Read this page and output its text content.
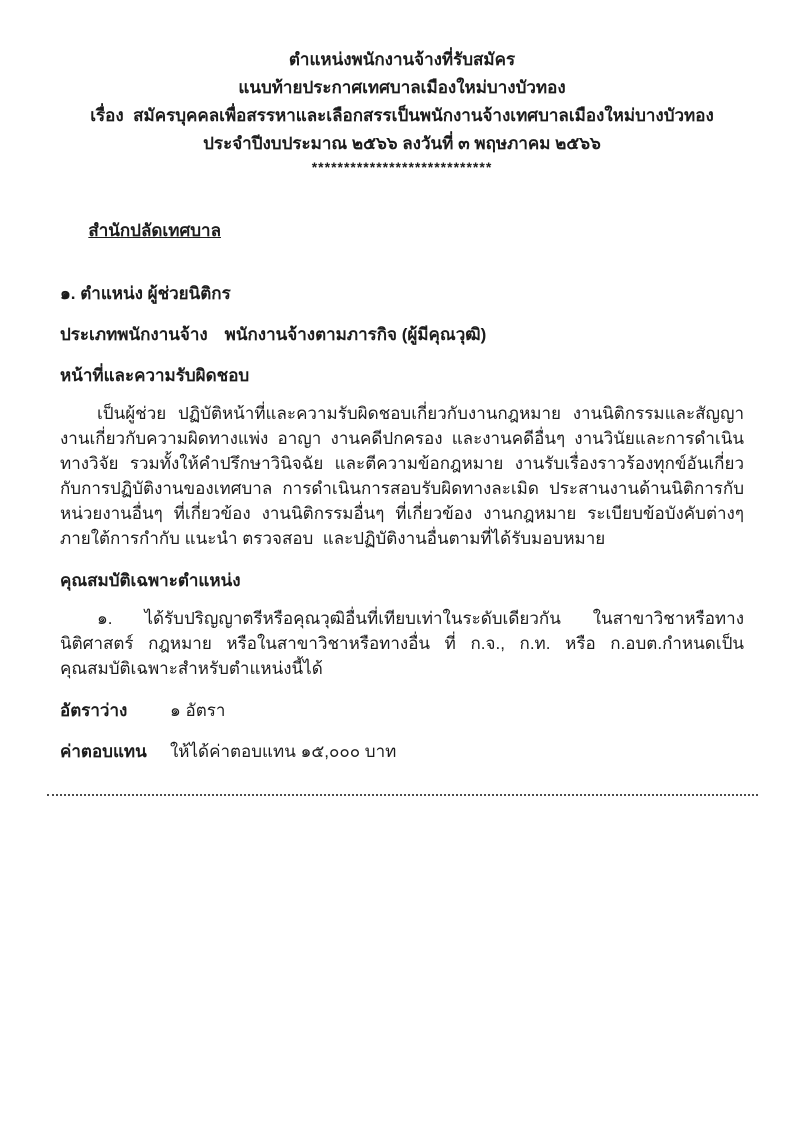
ตำแหน่งพนักงานจ้างที่รับสมัคร
แนบท้ายประกาศเทศบาลเมืองใหม่บางบัวทอง
เรื่อง  สมัครบุคคลเพื่อสรรหาและเลือกสรรเป็นพนักงานจ้างเทศบาลเมืองใหม่บางบัวทอง
ประจำปีงบประมาณ ๒๕๖๖ ลงวันที่ ๓ พฤษภาคม ๒๕๖๖
****************************

สำนักปลัดเทศบาล

๑. ตำแหน่ง ผู้ช่วยนิติกร
ประเภทพนักงานจ้าง พนักงานจ้างตามภารกิจ (ผู้มีคุณวุฒิ)
หน้าที่และความรับผิดชอบ
เป็นผู้ช่วย ปฏิบัติหน้าที่และความรับผิดชอบเกี่ยวกับงานกฎหมาย งานนิติกรรมและสัญญา งานเกี่ยวกับความผิดทางแพ่ง อาญา งานคดีปกครอง และงานคดีอื่นๆ งานวินัยและการดำเนินทางวิจัย รวมทั้งให้คำปรึกษาวินิจฉัย และตีความข้อกฎหมาย งานรับเรื่องราวร้องทุกข์อันเกี่ยวกับการปฏิบัติงานของเทศบาล การดำเนินการสอบรับผิดทางละเมิด ประสานงานด้านนิติการกับหน่วยงานอื่นๆ ที่เกี่ยวข้อง งานนิติกรรมอื่นๆ ที่เกี่ยวข้อง งานกฎหมาย ระเบียบข้อบังคับต่างๆ ภายใต้การกำกับ แนะนำ ตรวจสอบ  และปฏิบัติงานอื่นตามที่ได้รับมอบหมาย
คุณสมบัติเฉพาะตำแหน่ง
๑. ได้รับปริญญาตรีหรือคุณวุฒิอื่นที่เทียบเท่าในระดับเดียวกัน ในสาขาวิชาหรือทางนิติศาสตร์ กฎหมาย หรือในสาขาวิชาหรือทางอื่น ที่ ก.จ., ก.ท. หรือ ก.อบต.กำหนดเป็นคุณสมบัติเฉพาะสำหรับตำแหน่งนี้ได้
อัตราว่าง	๑ อัตรา
ค่าตอบแทน	ให้ได้ค่าตอบแทน ๑๕,๐๐๐ บาท
